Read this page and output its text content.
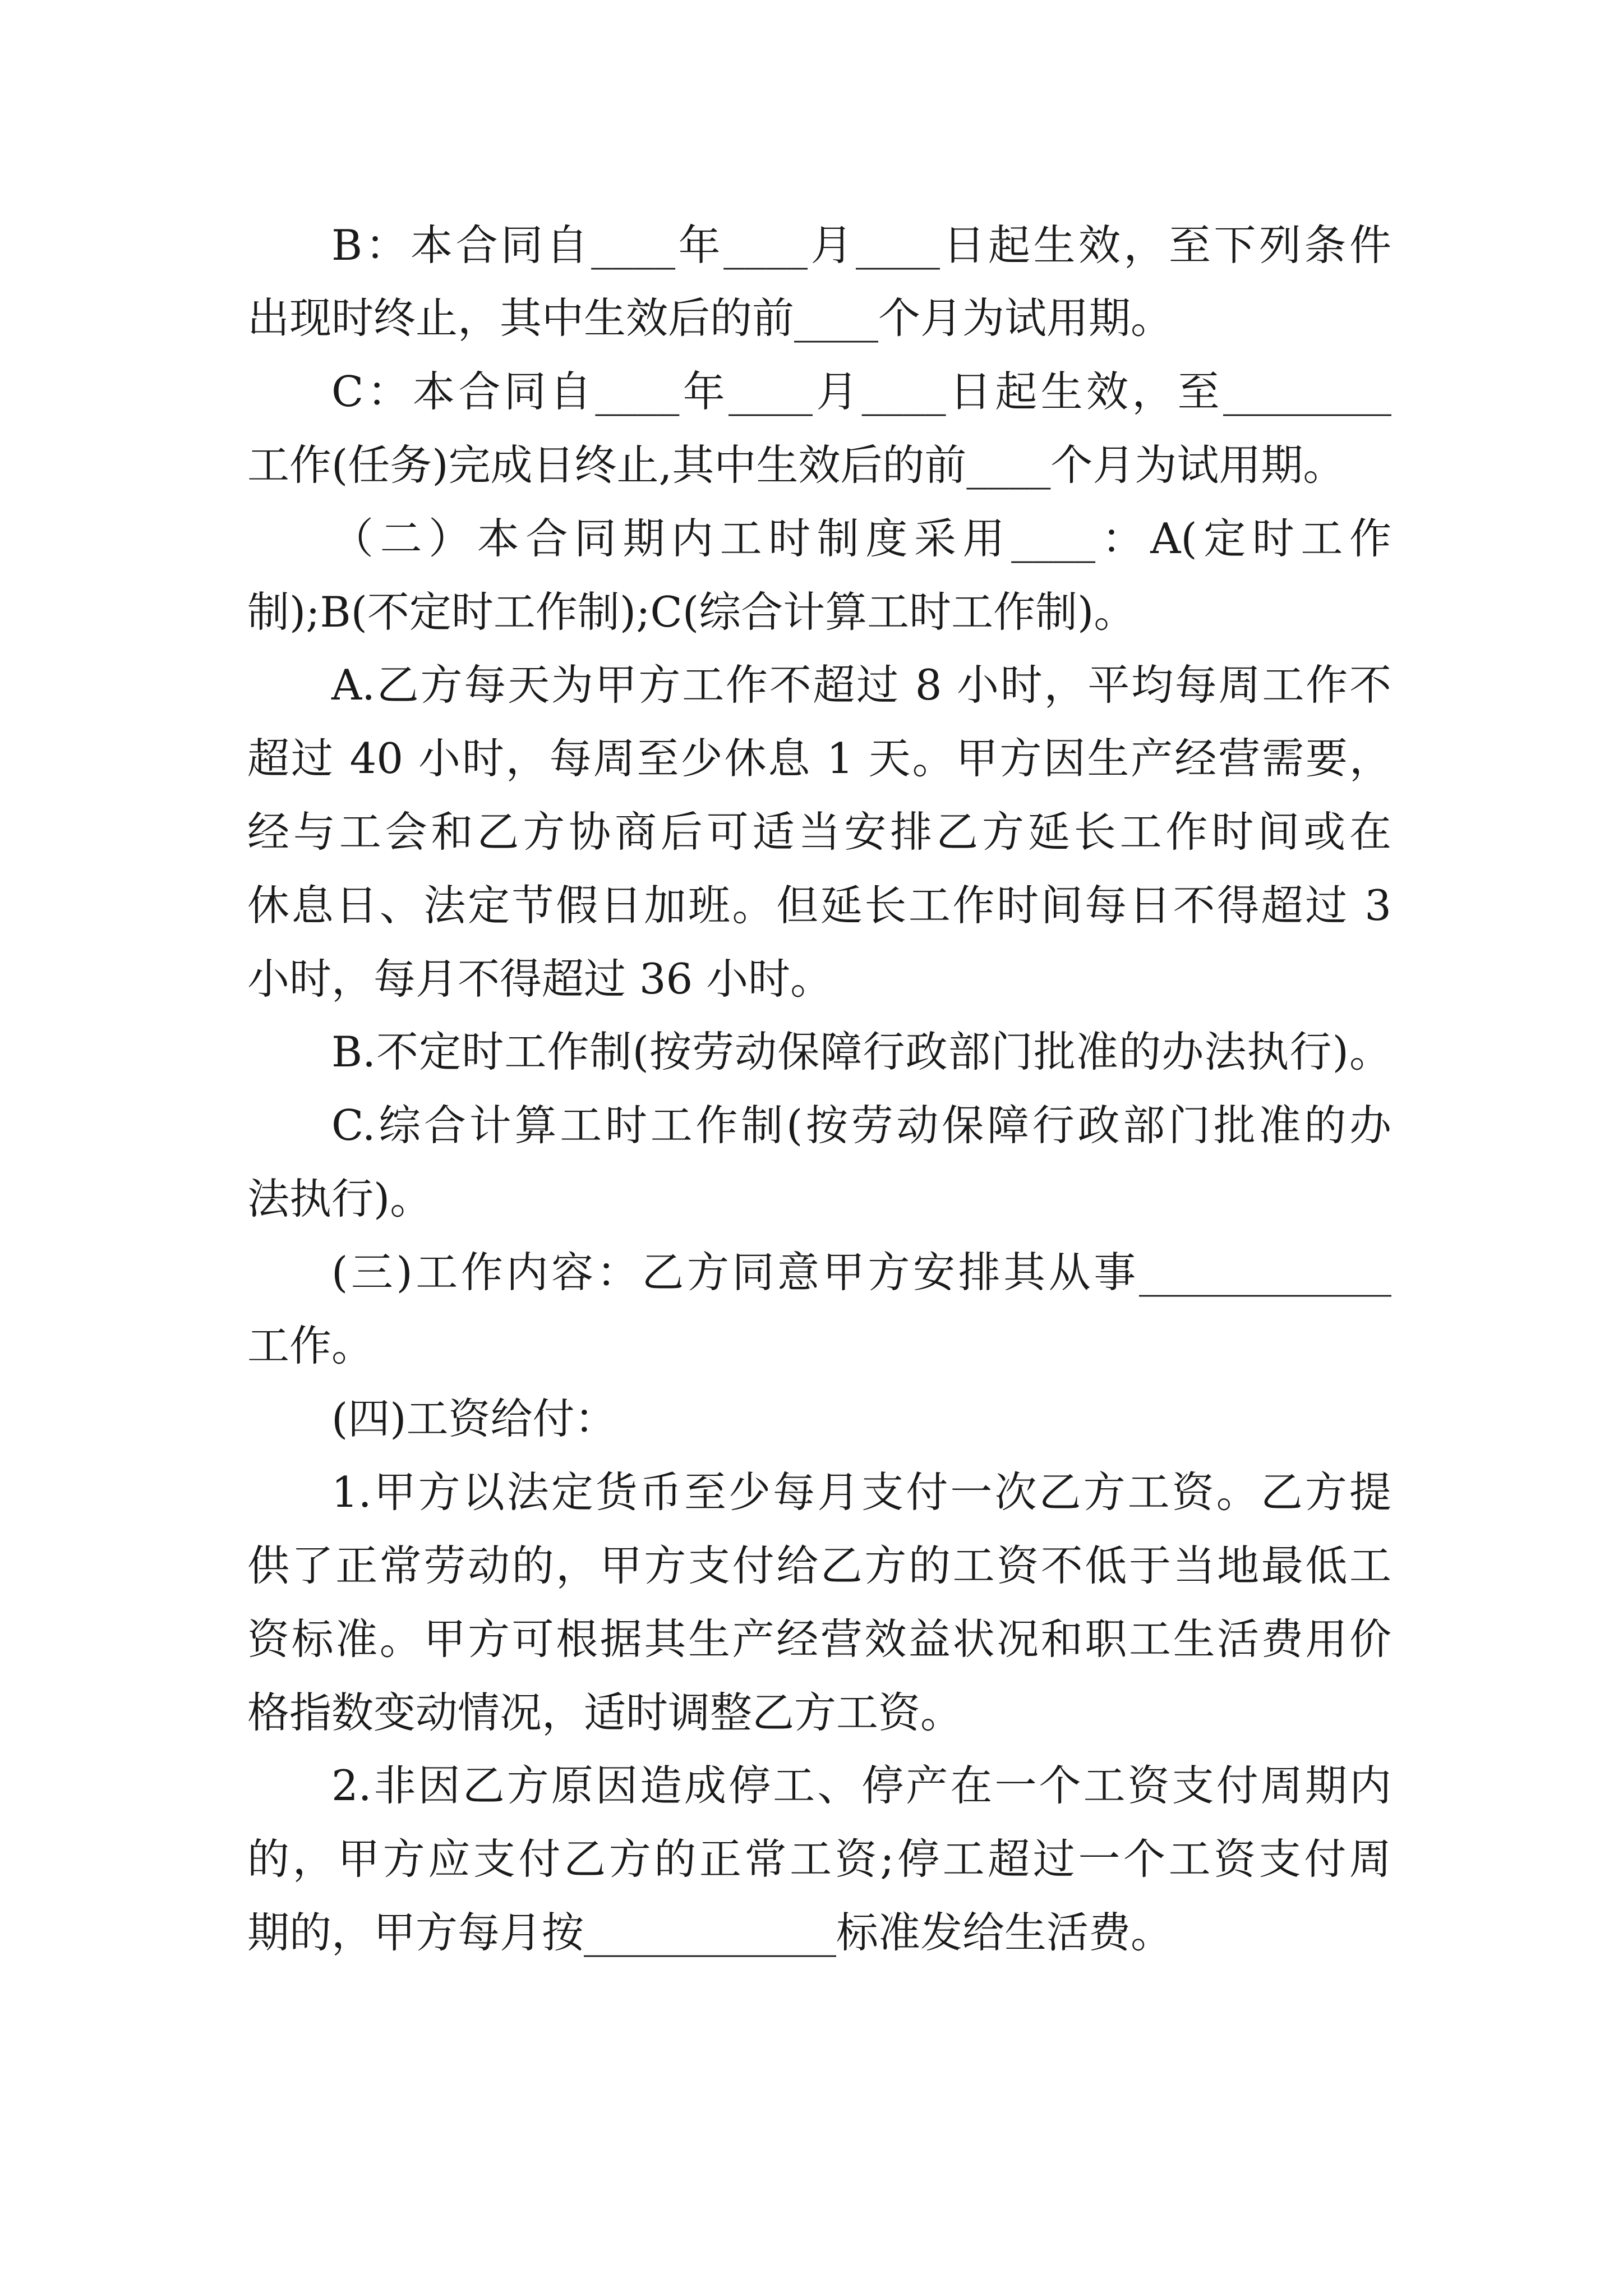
B：本合同自____年____月____日起生效，至下列条件
出现时终止，其中生效后的前____个月为试用期。
C：本合同自____年____月____日起生效，至________
工作(任务)完成日终止,其中生效后的前____个月为试用期。
（二）本合同期内工时制度采用____：A(定时工作
制);B(不定时工作制);C(综合计算工时工作制)。
A.乙方每天为甲方工作不超过 8 小时，平均每周工作不
超过 40 小时，每周至少休息 1 天。甲方因生产经营需要，
经与工会和乙方协商后可适当安排乙方延长工作时间或在
休息日、法定节假日加班。但延长工作时间每日不得超过 3
小时，每月不得超过 36 小时。
B.不定时工作制(按劳动保障行政部门批准的办法执行)。
C.综合计算工时工作制(按劳动保障行政部门批准的办
法执行)。
(三)工作内容：乙方同意甲方安排其从事____________
工作。
(四)工资给付：
1.甲方以法定货币至少每月支付一次乙方工资。乙方提
供了正常劳动的，甲方支付给乙方的工资不低于当地最低工
资标准。甲方可根据其生产经营效益状况和职工生活费用价
格指数变动情况，适时调整乙方工资。
2.非因乙方原因造成停工、停产在一个工资支付周期内
的，甲方应支付乙方的正常工资;停工超过一个工资支付周
期的，甲方每月按____________标准发给生活费。
